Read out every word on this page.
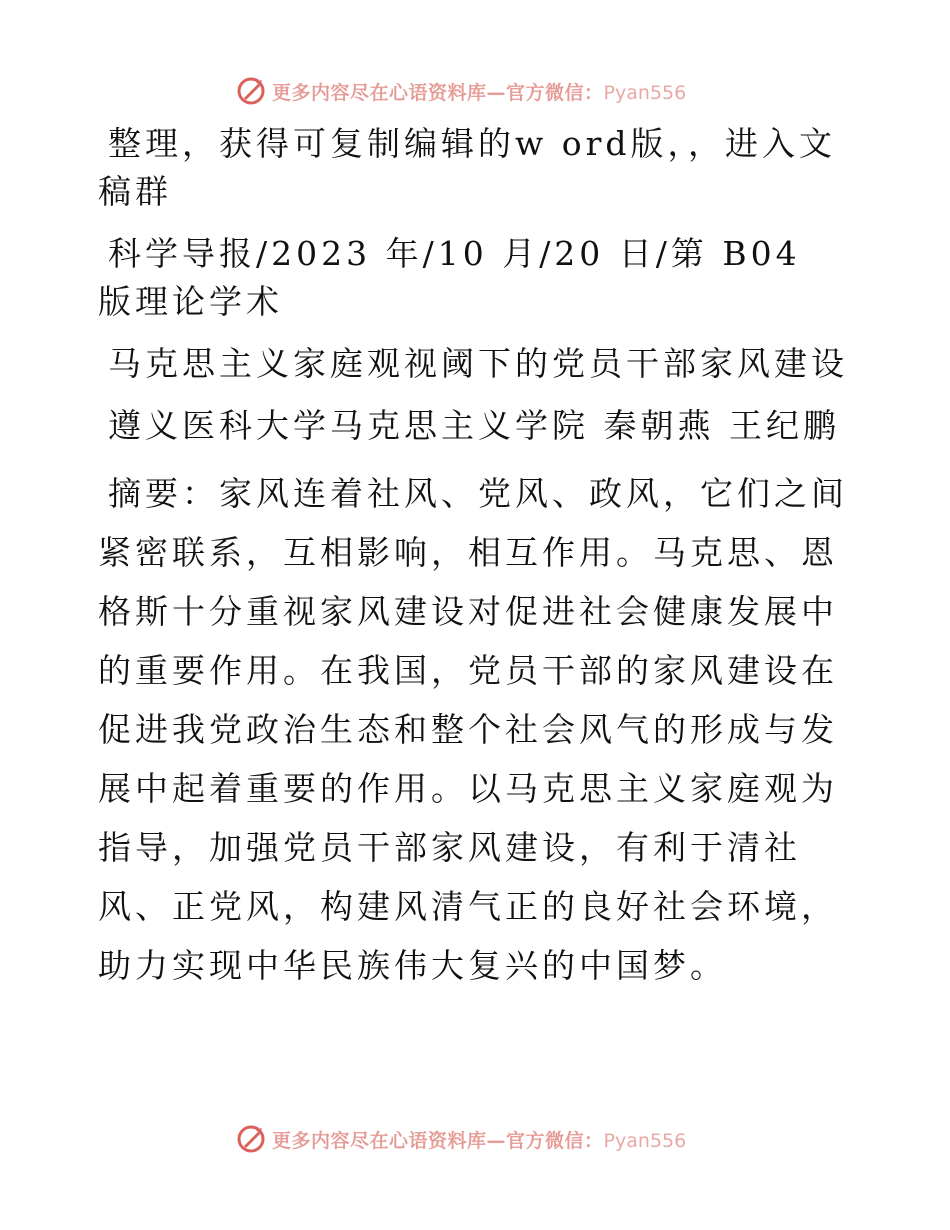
更多内容尽在心语资料库—官方微信：Pyan556

整理，获得可复制编辑的w ord版，，进入文稿群

科学导报/2023 年/10 月/20 日/第 B04 版理论学术

马克思主义家庭观视阈下的党员干部家风建设

遵义医科大学马克思主义学院 秦朝燕 王纪鹏

摘要：家风连着社风、党风、政风，它们之间紧密联系，互相影响，相互作用。马克思、恩格斯十分重视家风建设对促进社会健康发展中的重要作用。在我国，党员干部的家风建设在促进我党政治生态和整个社会风气的形成与发展中起着重要的作用。以马克思主义家庭观为指导，加强党员干部家风建设，有利于清社风、正党风，构建风清气正的良好社会环境，助力实现中华民族伟大复兴的中国梦。

更多内容尽在心语资料库—官方微信：Pyan556
